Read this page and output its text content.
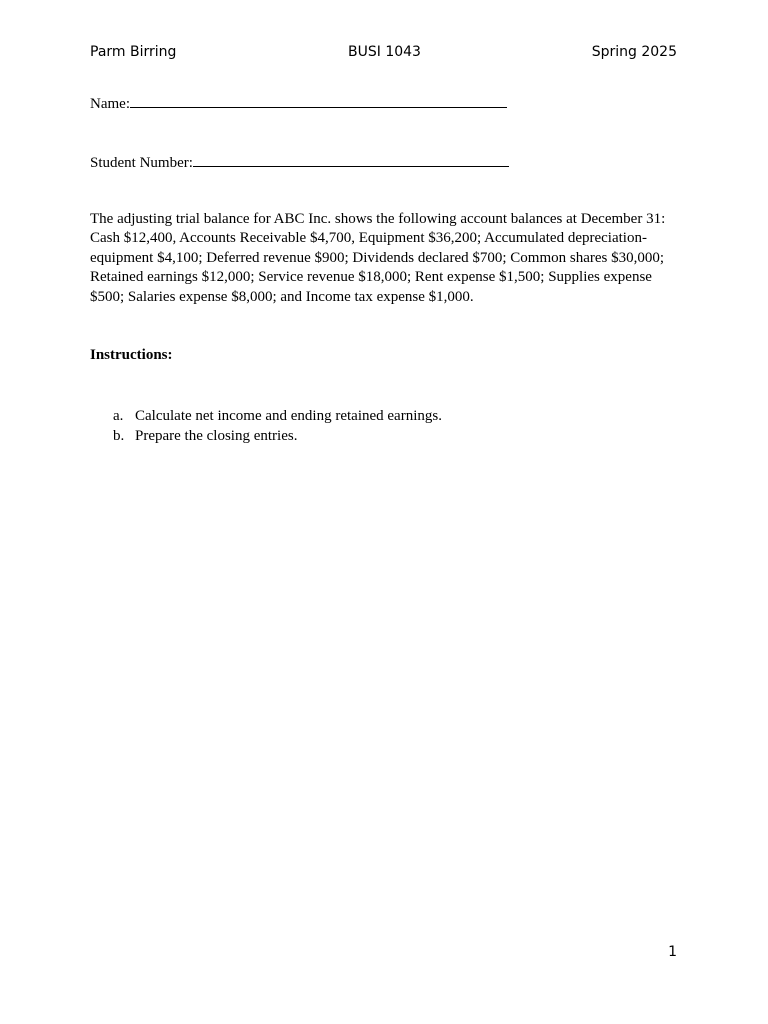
Parm Birring	BUSI 1043	Spring 2025
Name:
Student Number:

The adjusting trial balance for ABC Inc. shows the following account balances at December 31: Cash $12,400, Accounts Receivable $4,700, Equipment $36,200; Accumulated depreciation-equipment $4,100; Deferred revenue $900; Dividends declared $700; Common shares $30,000; Retained earnings $12,000; Service revenue $18,000; Rent expense $1,500; Supplies expense $500; Salaries expense $8,000; and Income tax expense $1,000.

Instructions:

a. Calculate net income and ending retained earnings.
b. Prepare the closing entries.
1
